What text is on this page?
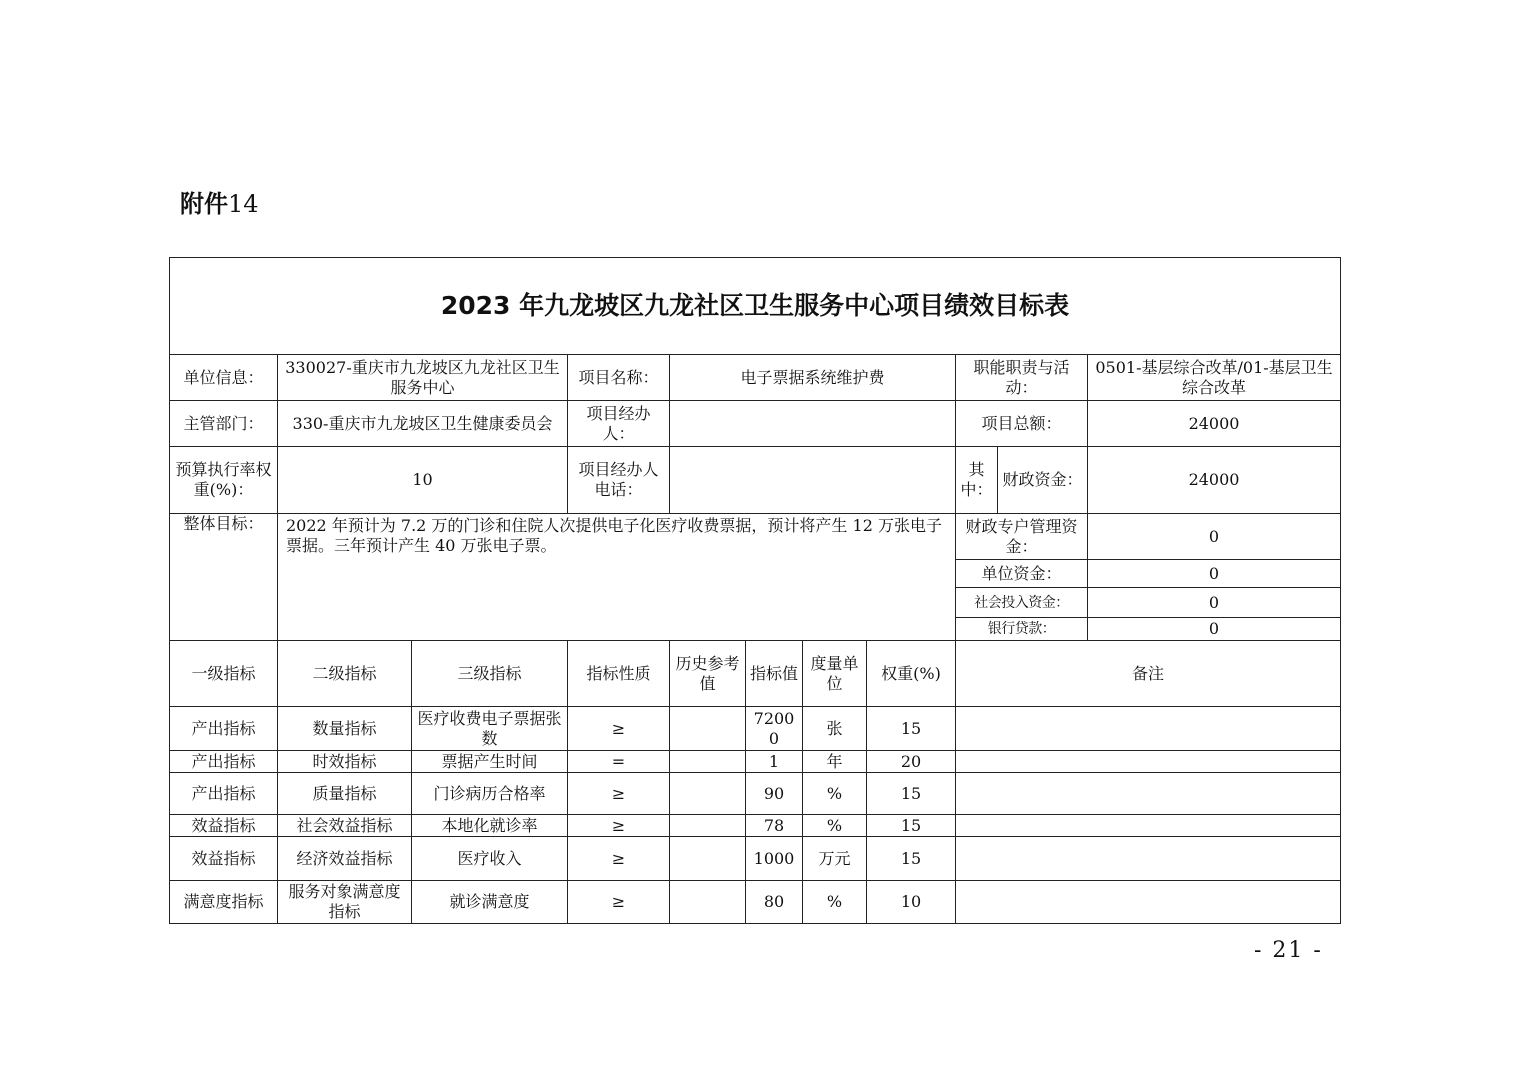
附件14
2023 年九龙坡区九龙社区卫生服务中心项目绩效目标表										
单位信息：	330027-重庆市九龙坡区九龙社区卫生服务中心		项目名称：	电子票据系统维护费				职能职责与活动：		0501-基层综合改革/01-基层卫生综合改革
主管部门：	330-重庆市九龙坡区卫生健康委员会		项目经办人：					项目总额：		24000
预算执行率权重(%)：	10		项目经办人电话：					其中：	财政资金：	24000
整体目标：	2022 年预计为 7.2 万的门诊和住院人次提供电子化医疗收费票据，预计将产生 12 万张电子票据。三年预计产生 40 万张电子票。							财政专户管理资金：		0
								单位资金：		0
								社会投入资金：		0
								银行贷款：		0
一级指标	二级指标	三级指标	指标性质	历史参考值	指标值	度量单位	权重(%)	备注		
产出指标	数量指标	医疗收费电子票据张数	≥		72000	张	15			
产出指标	时效指标	票据产生时间	=		1	年	20			
产出指标	质量指标	门诊病历合格率	≥		90	%	15			
效益指标	社会效益指标	本地化就诊率	≥		78	%	15			
效益指标	经济效益指标	医疗收入	≥		1000	万元	15			
满意度指标	服务对象满意度指标	就诊满意度	≥		80	%	10			
- 21 -
